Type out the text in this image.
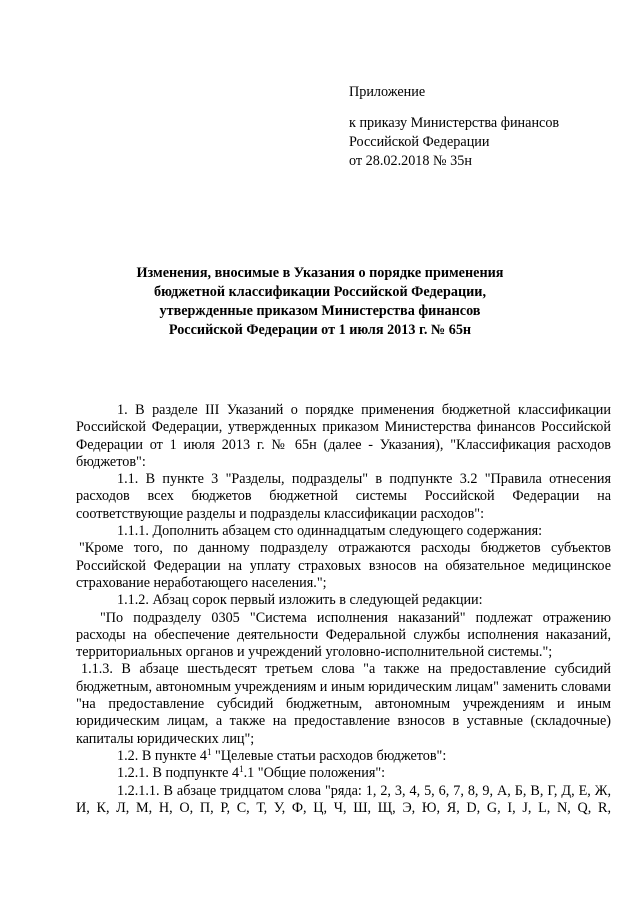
Приложение
к приказу Министерства финансов
Российской Федерации
от 28.02.2018 № 35н
Изменения, вносимые в Указания о порядке применения
бюджетной классификации Российской Федерации,
утвержденные приказом Министерства финансов
Российской Федерации от 1 июля 2013 г. № 65н

1. В разделе III Указаний о порядке применения бюджетной классификации Российской Федерации, утвержденных приказом Министерства финансов Российской Федерации от 1 июля 2013 г. № 65н (далее - Указания), "Классификация расходов бюджетов":

1.1. В пункте 3 "Разделы, подразделы" в подпункте 3.2 "Правила отнесения расходов всех бюджетов бюджетной системы Российской Федерации на соответствующие разделы и подразделы классификации расходов":

1.1.1. Дополнить абзацем сто одиннадцатым следующего содержания:

"Кроме того, по данному подразделу отражаются расходы бюджетов субъектов Российской Федерации на уплату страховых взносов на обязательное медицинское страхование неработающего населения.";

1.1.2. Абзац сорок первый изложить в следующей редакции:

"По подразделу 0305 "Система исполнения наказаний" подлежат отражению расходы на обеспечение деятельности Федеральной службы исполнения наказаний, территориальных органов и учреждений уголовно-исполнительной системы.";

1.1.3. В абзаце шестьдесят третьем слова "а также на предоставление субсидий бюджетным, автономным учреждениям и иным юридическим лицам" заменить словами "на предоставление субсидий бюджетным, автономным учреждениям и иным юридическим лицам, а также на предоставление взносов в уставные (складочные) капиталы юридических лиц";

1.2. В пункте $4^1$ "Целевые статьи расходов бюджетов":

1.2.1. В подпункте $4^1.1$ "Общие положения":

1.2.1.1. В абзаце тридцатом слова "ряда: 1, 2, 3, 4, 5, 6, 7, 8, 9, А, Б, В, Г, Д, Е, Ж, И, К, Л, М, Н, О, П, Р, С, Т, У, Ф, Ц, Ч, Ш, Щ, Э, Ю, Я, D, G, I, J, L, N, Q, R,
